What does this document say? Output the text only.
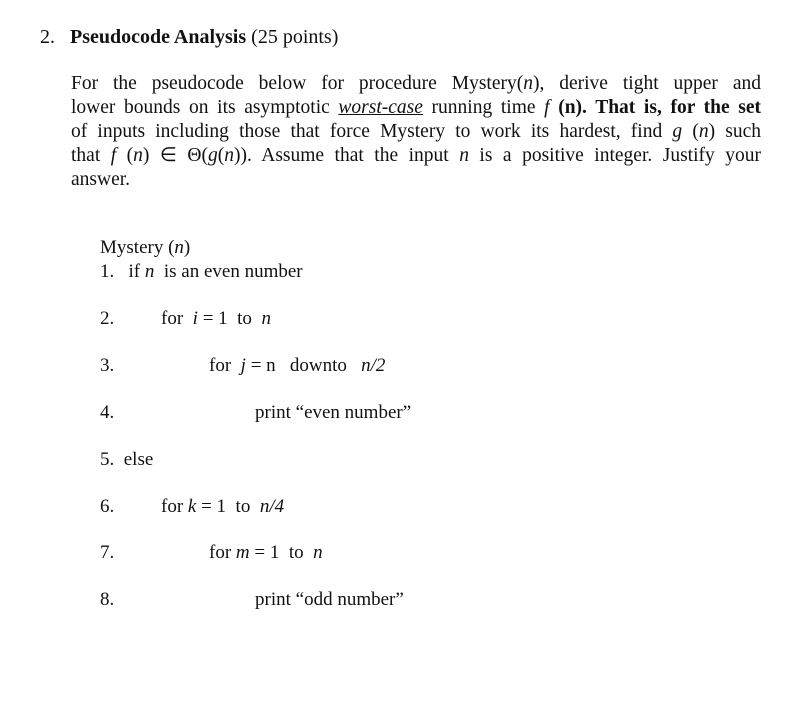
2. Pseudocode Analysis (25 points)
For the pseudocode below for procedure Mystery(n), derive tight upper and
lower bounds on its asymptotic worst-case running time f (n). That is, for the set
of inputs including those that force Mystery to work its hardest, find g (n) such
that f (n) ∈ Θ(g(n)). Assume that the input n is a positive integer. Justify your
answer.
Mystery (n)
1. if n  is an even number
2. for  i = 1  to  n
3.	for  j = n   downto   n/2
4.	print “even number”
5. else
6. for k = 1  to  n/4
7.	for m = 1  to  n
8.	print “odd number”
